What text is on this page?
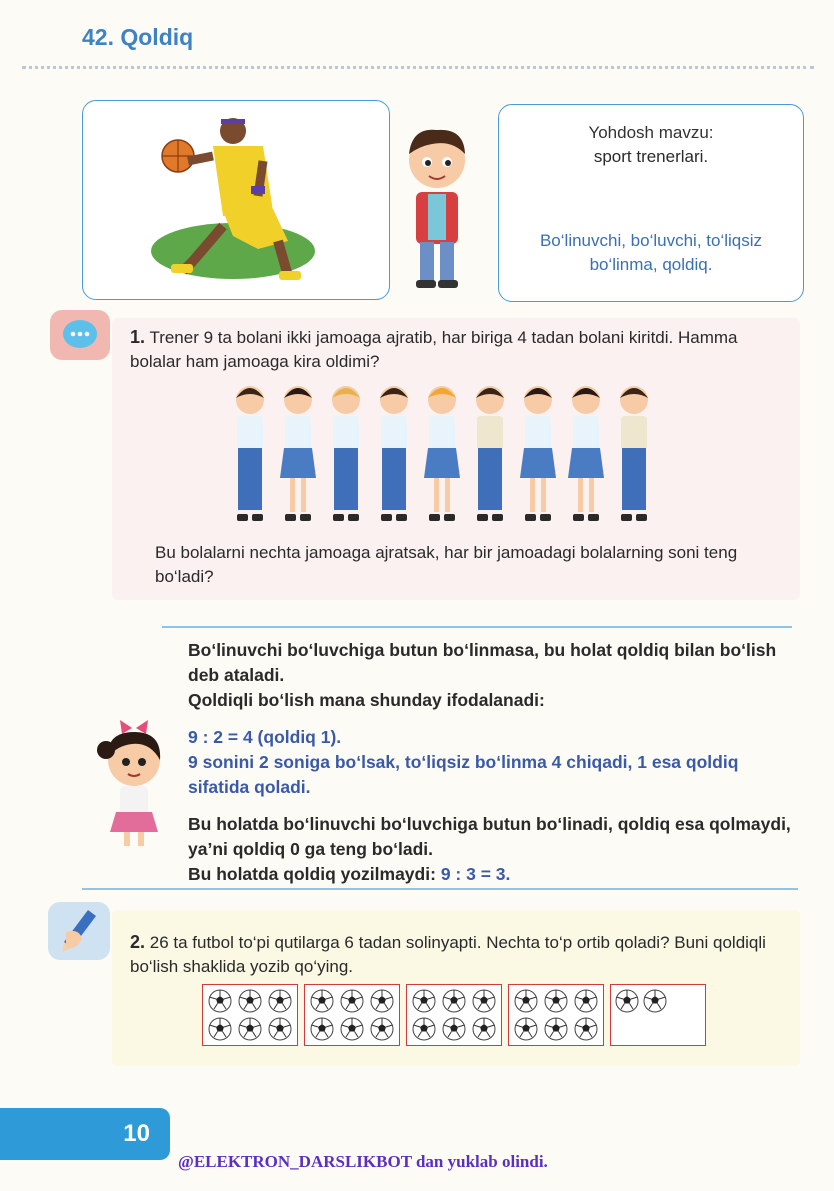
42. Qoldiq
Yohdosh mavzu:
sport trenerlari.
Bo‘linuvchi, bo‘luvchi, to‘liqsiz
bo‘linma, qoldiq.
1. Trener 9 ta bolani ikki jamoaga ajratib, har biriga 4 tadan bolani kiritdi. Hamma bolalar ham jamoaga kira oldimi?
Bu bolalarni nechta jamoaga ajratsak, har bir jamoadagi bolalarning soni teng bo‘ladi?
Bo‘linuvchi bo‘luvchiga butun bo‘linmasa, bu holat qoldiq bilan bo‘lish deb ataladi.
Qoldiqli bo‘lish mana shunday ifodalanadi:
9 : 2 = 4 (qoldiq 1).
9 sonini 2 soniga bo‘lsak, to‘liqsiz bo‘linma 4 chiqadi, 1 esa qoldiq sifatida qoladi.
Bu holatda bo‘linuvchi bo‘luvchiga butun bo‘linadi, qoldiq esa qolmaydi, ya’ni qoldiq 0 ga teng bo‘ladi.
Bu holatda qoldiq yozilmaydi: 9 : 3 = 3.
2. 26 ta futbol to‘pi qutilarga 6 tadan solinyapti. Nechta to‘p ortib qoladi? Buni qoldiqli bo‘lish shaklida yozib qo‘ying.
10
@ELEKTRON_DARSLIKBOT dan yuklab olindi.
